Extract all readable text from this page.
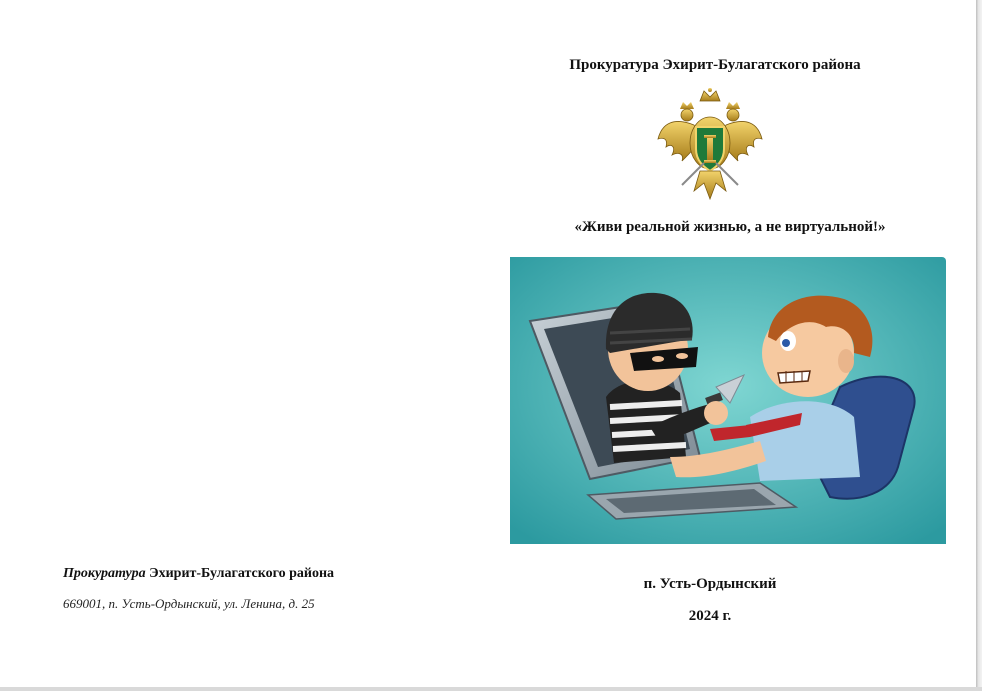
Прокуратура Эхирит-Булагатского района
«Живи реальной жизнью, а не виртуальной!»
п. Усть-Ордынский
2024 г.
Прокуратура Эхирит-Булагатского района
669001, п. Усть-Ордынский, ул. Ленина, д. 25
